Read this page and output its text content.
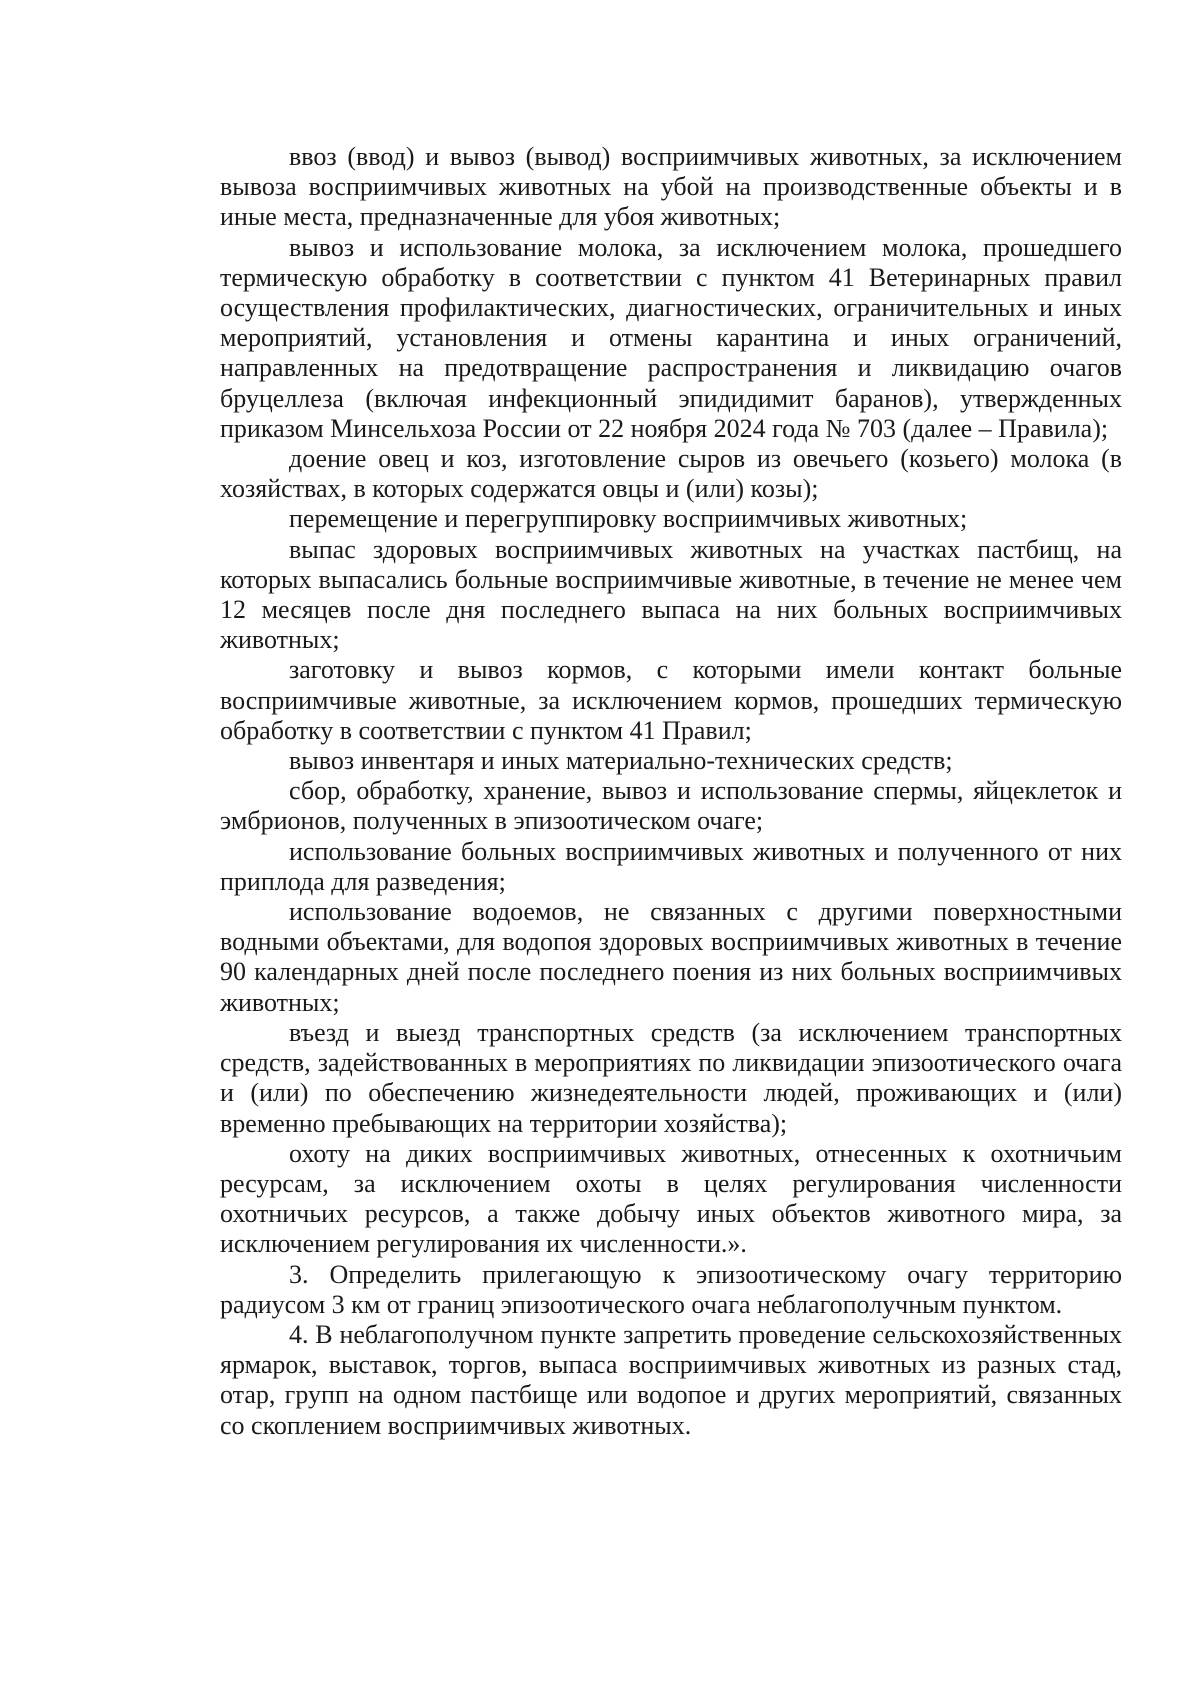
ввоз (ввод) и вывоз (вывод) восприимчивых животных, за исключением вывоза восприимчивых животных на убой на производственные объекты и в иные места, предназначенные для убоя животных;

вывоз и использование молока, за исключением молока, прошедшего термическую обработку в соответствии с пунктом 41 Ветеринарных правил осуществления профилактических, диагностических, ограничительных и иных мероприятий, установления и отмены карантина и иных ограничений, направленных на предотвращение распространения и ликвидацию очагов бруцеллеза (включая инфекционный эпидидимит баранов), утвержденных приказом Минсельхоза России от 22 ноября 2024 года № 703 (далее – Правила);

доение овец и коз, изготовление сыров из овечьего (козьего) молока (в хозяйствах, в которых содержатся овцы и (или) козы);

перемещение и перегруппировку восприимчивых животных;

выпас здоровых восприимчивых животных на участках пастбищ, на которых выпасались больные восприимчивые животные, в течение не менее чем 12 месяцев после дня последнего выпаса на них больных восприимчивых животных;

заготовку и вывоз кормов, с которыми имели контакт больные восприимчивые животные, за исключением кормов, прошедших термическую обработку в соответствии с пунктом 41 Правил;

вывоз инвентаря и иных материально-технических средств;

сбор, обработку, хранение, вывоз и использование спермы, яйцеклеток и эмбрионов, полученных в эпизоотическом очаге;

использование больных восприимчивых животных и полученного от них приплода для разведения;

использование водоемов, не связанных с другими поверхностными водными объектами, для водопоя здоровых восприимчивых животных в течение 90 календарных дней после последнего поения из них больных восприимчивых животных;

въезд и выезд транспортных средств (за исключением транспортных средств, задействованных в мероприятиях по ликвидации эпизоотического очага и (или) по обеспечению жизнедеятельности людей, проживающих и (или) временно пребывающих на территории хозяйства);

охоту на диких восприимчивых животных, отнесенных к охотничьим ресурсам, за исключением охоты в целях регулирования численности охотничьих ресурсов, а также добычу иных объектов животного мира, за исключением регулирования их численности.».

3. Определить прилегающую к эпизоотическому очагу территорию радиусом 3 км от границ эпизоотического очага неблагополучным пунктом.

4. В неблагополучном пункте запретить проведение сельскохозяйственных ярмарок, выставок, торгов, выпаса восприимчивых животных из разных стад, отар, групп на одном пастбище или водопое и других мероприятий, связанных со скоплением восприимчивых животных.
